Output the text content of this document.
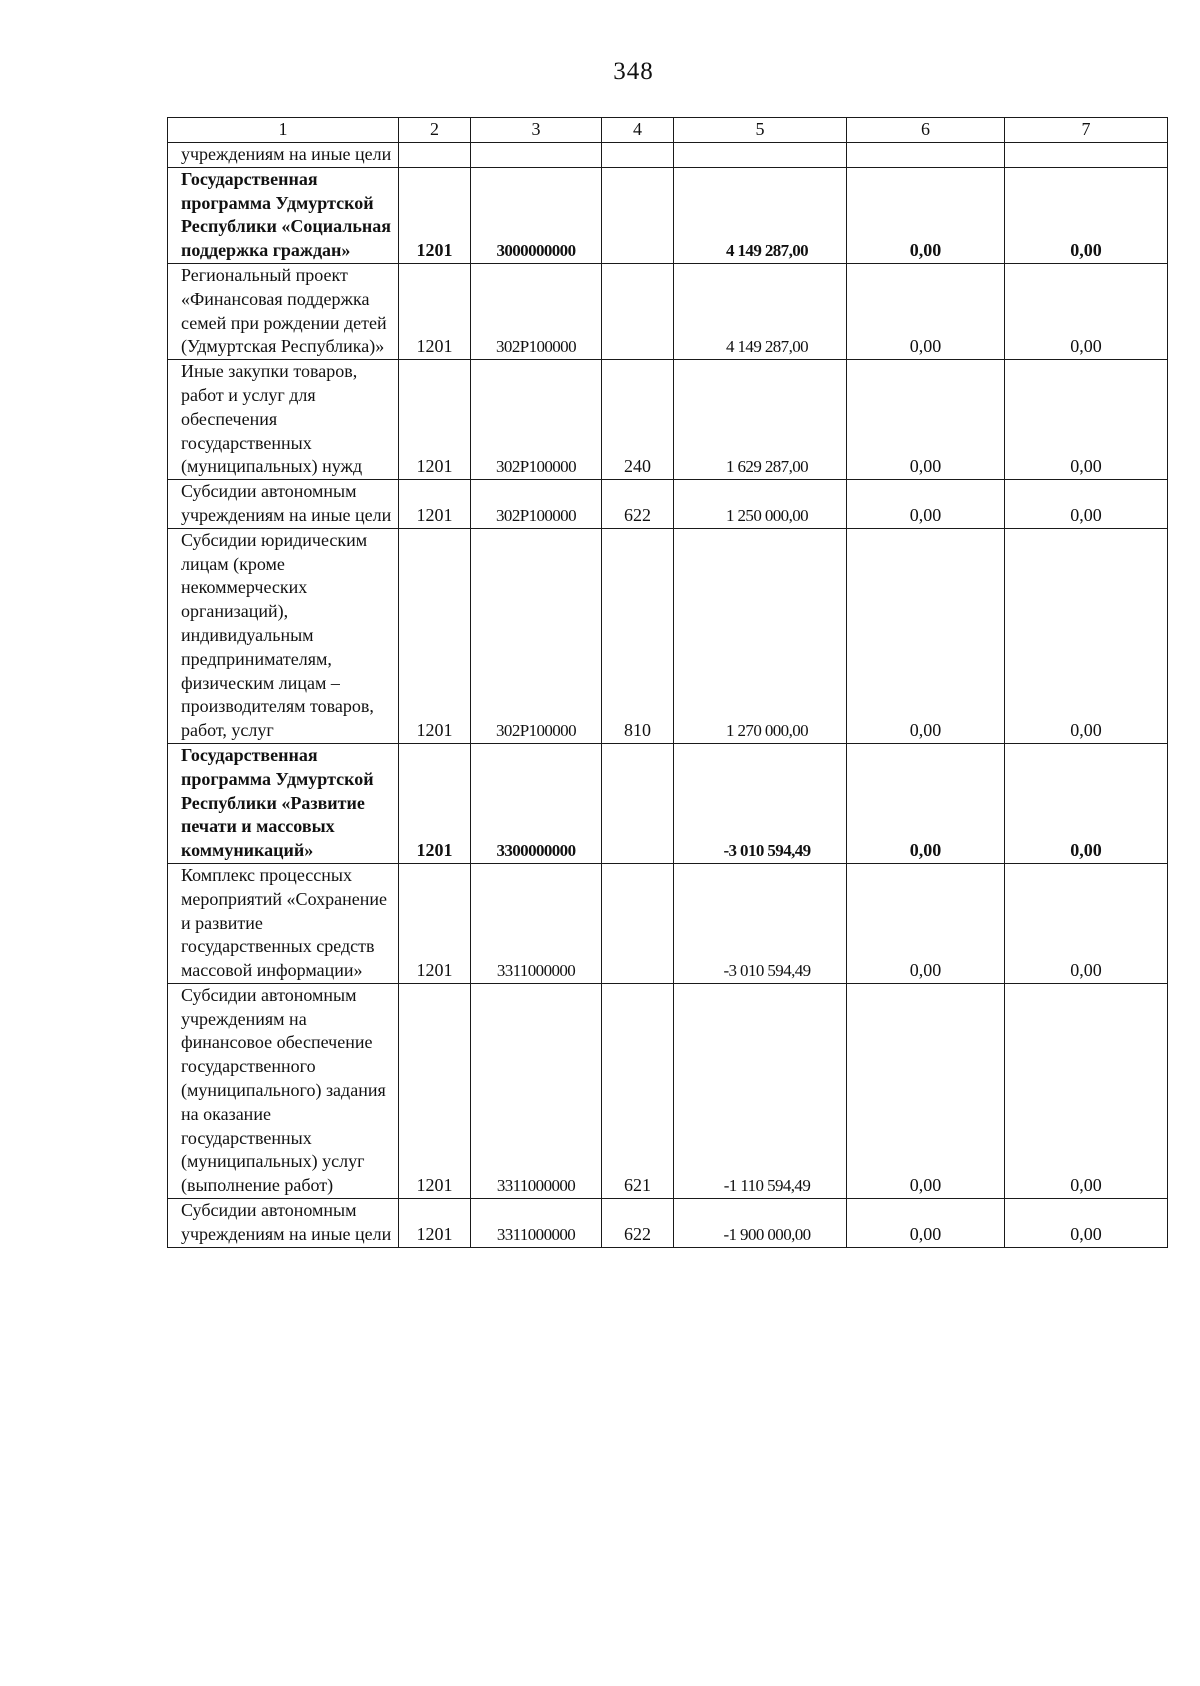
348
1	2	3	4	5	6	7
учреждениям на иные цели						
Государственная программа Удмуртской Республики «Социальная поддержка граждан»	1201	3000000000		4 149 287,00	0,00	0,00
Региональный проект «Финансовая поддержка семей при рождении детей (Удмуртская Республика)»	1201	302Р100000		4 149 287,00	0,00	0,00
Иные закупки товаров, работ и услуг для обеспечения государственных (муниципальных) нужд	1201	302Р100000	240	1 629 287,00	0,00	0,00
Субсидии автономным учреждениям на иные цели	1201	302Р100000	622	1 250 000,00	0,00	0,00
Субсидии юридическим лицам (кроме некоммерческих организаций), индивидуальным предпринимателям, физическим лицам – производителям товаров, работ, услуг	1201	302Р100000	810	1 270 000,00	0,00	0,00
Государственная программа Удмуртской Республики «Развитие печати и массовых коммуникаций»	1201	3300000000		-3 010 594,49	0,00	0,00
Комплекс процессных мероприятий «Сохранение и развитие государственных средств массовой информации»	1201	3311000000		-3 010 594,49	0,00	0,00
Субсидии автономным учреждениям на финансовое обеспечение государственного (муниципального) задания на оказание государственных (муниципальных) услуг (выполнение работ)	1201	3311000000	621	-1 110 594,49	0,00	0,00
Субсидии автономным учреждениям на иные цели	1201	3311000000	622	-1 900 000,00	0,00	0,00
